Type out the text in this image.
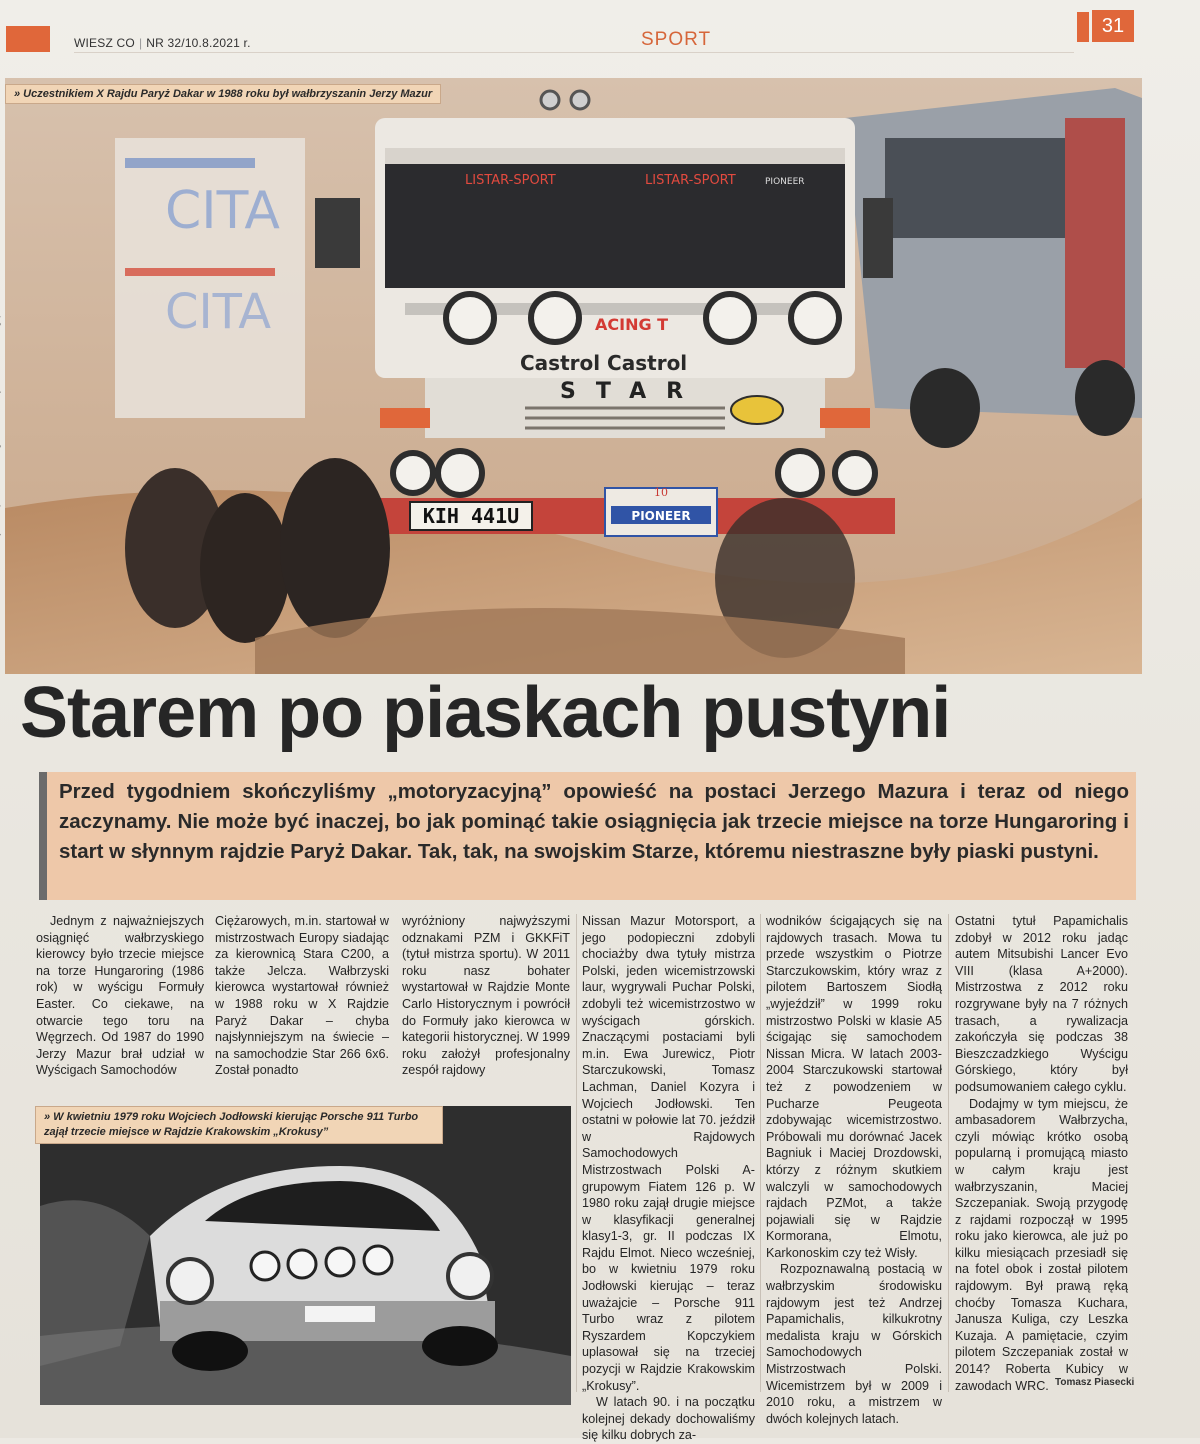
WIESZ CO | NR 32/10.8.2021 r.	SPORT
31
CITA
CITA
LISTAR-SPORT	LISTAR-SPORT	PIONEER
ACING T
Castrol Castrol
STAR
KIH 441U
10
PIONEER
» Uczestnikiem X Rajdu Paryż Dakar w 1988 roku był wałbrzyszanin Jerzy Mazur
Starem po piaskach pustyni
Przed tygodniem skończyliśmy „motoryzacyjną” opowieść na postaci Jerzego Mazura i teraz od niego zaczynamy. Nie może być inaczej, bo jak pominąć takie osiągnięcia jak trzecie miejsce na torze Hungaroring i start w słynnym rajdzie Paryż Dakar. Tak, tak, na swojskim Starze, któremu niestraszne były piaski pustyni.

Jednym z najważniejszych osiągnięć wałbrzyskiego kierowcy było trzecie miejsce na torze Hungaroring (1986 rok) w wyścigu Formuły Easter. Co ciekawe, na otwarcie tego toru na Węgrzech. Od 1987 do 1990 Jerzy Mazur brał udział w Wyścigach Samochodów

Ciężarowych, m.in. startował w mistrzostwach Europy siadając za kierownicą Stara C200, a także Jelcza. Wałbrzyski kierowca wystartował również w 1988 roku w X Rajdzie Paryż Dakar – chyba najsłynniejszym na świecie – na samochodzie Star 266 6x6. Został ponadto

wyróżniony najwyższymi odznakami PZM i GKKFiT (tytuł mistrza sportu). W 2011 roku nasz bohater wystartował w Rajdzie Monte Carlo Historycznym i powrócił do Formuły jako kierowca w kategorii historycznej. W 1999 roku założył profesjonalny zespół rajdowy

Nissan Mazur Motorsport, a jego podopieczni zdobyli chociażby dwa tytuły mistrza Polski, jeden wicemistrzowski laur, wygrywali Puchar Polski, zdobyli też wicemistrzostwo w wyścigach górskich. Znaczącymi postaciami byli m.in. Ewa Jurewicz, Piotr Starczukowski, Tomasz Lachman, Daniel Kozyra i Wojciech Jodłowski. Ten ostatni w połowie lat 70. jeździł w Rajdowych Samochodowych Mistrzostwach Polski A-grupowym Fiatem 126 p. W 1980 roku zajął drugie miejsce w klasyfikacji generalnej klasy1-3, gr. II podczas IX Rajdu Elmot. Nieco wcześniej, bo w kwietniu 1979 roku Jodłowski kierując – teraz uważajcie – Porsche 911 Turbo wraz z pilotem Ryszardem Kopczykiem uplasował się na trzeciej pozycji w Rajdzie Krakowskim „Krokusy”.

W latach 90. i na początku kolejnej dekady dochowaliśmy się kilku dobrych za-

wodników ścigających się na rajdowych trasach. Mowa tu przede wszystkim o Piotrze Starczukowskim, który wraz z pilotem Bartoszem Siodłą „wyjeździł” w 1999 roku mistrzostwo Polski w klasie A5 ścigając się samochodem Nissan Micra. W latach 2003-2004 Starczukowski startował też z powodzeniem w Pucharze Peugeota zdobywając wicemistrzostwo. Próbowali mu dorównać Jacek Bagniuk i Maciej Drozdowski, którzy z różnym skutkiem walczyli w samochodowych rajdach PZMot, a także pojawiali się w Rajdzie Kormorana, Elmotu, Karkonoskim czy też Wisły.

Rozpoznawalną postacią w wałbrzyskim środowisku rajdowym jest też Andrzej Papamichalis, kilkukrotny medalista kraju w Górskich Samochodowych Mistrzostwach Polski. Wicemistrzem był w 2009 i 2010 roku, a mistrzem w dwóch kolejnych latach.

Ostatni tytuł Papamichalis zdobył w 2012 roku jadąc autem Mitsubishi Lancer Evo VIII (klasa A+2000). Mistrzostwa z 2012 roku rozgrywane były na 7 różnych trasach, a rywalizacja zakończyła się podczas 38 Bieszczadzkiego Wyścigu Górskiego, który był podsumowaniem całego cyklu.

Dodajmy w tym miejscu, że ambasadorem Wałbrzycha, czyli mówiąc krótko osobą popularną i promującą miasto w całym kraju jest wałbrzyszanin, Maciej Szczepaniak. Swoją przygodę z rajdami rozpoczął w 1995 roku jako kierowca, ale już po kilku miesiącach przesiadł się na fotel obok i został pilotem rajdowym. Był prawą ręką choćby Tomasza Kuchara, Janusza Kuliga, czy Leszka Kuzaja. A pamiętacie, czyim pilotem Szczepaniak został w 2014? Roberta Kubicy w zawodach WRC.

» W kwietniu 1979 roku Wojciech Jodłowski kierując Porsche 911 Turbo zajął trzecie miejsce w Rajdzie Krakowskim „Krokusy”
Tomasz Piasecki
